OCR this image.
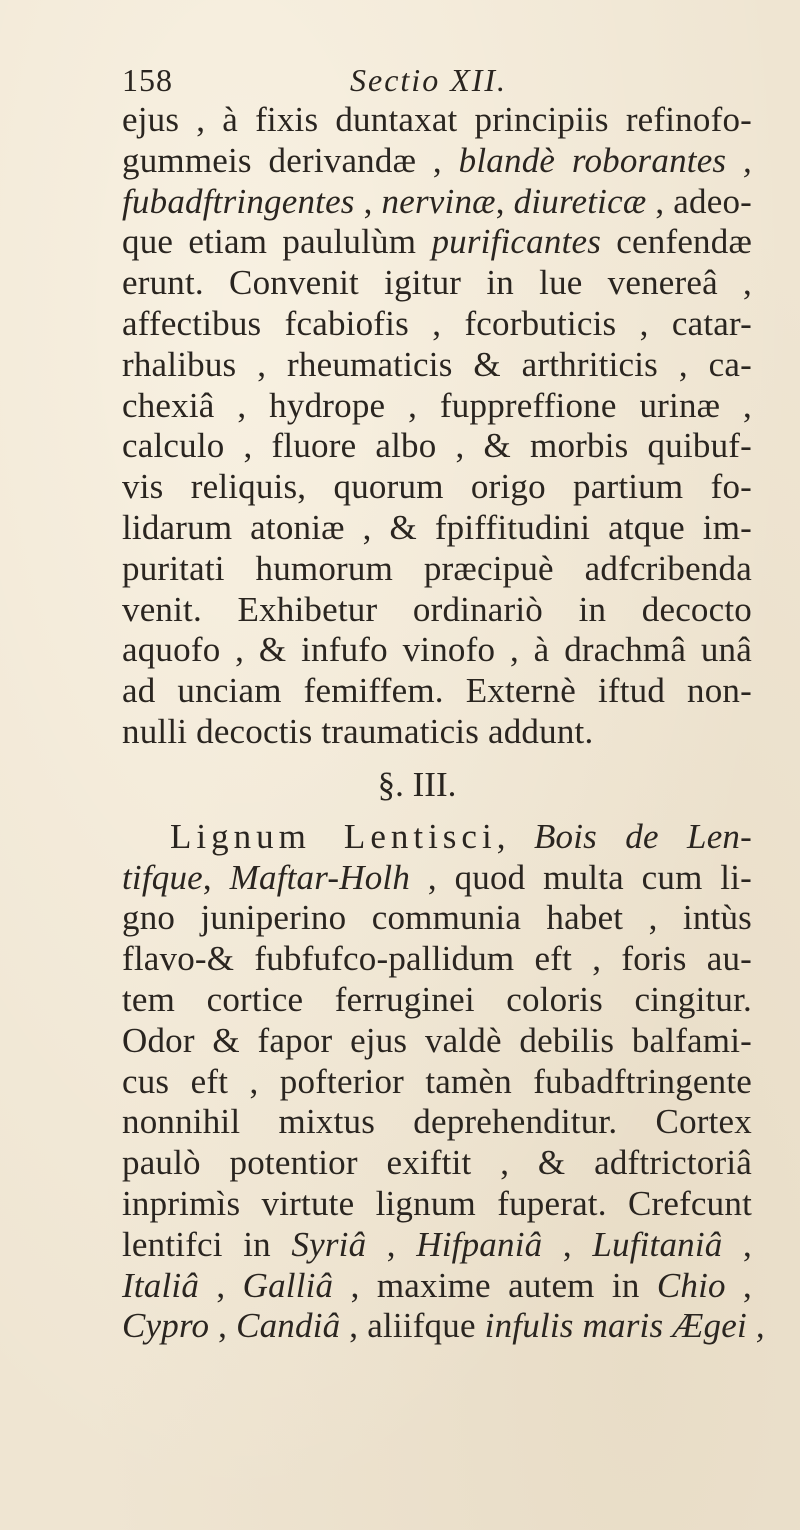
158	Sectio XII.
ejus , à fixis duntaxat principiis refinofo-
gummeis derivandæ , blandè roborantes ,
fubadftringentes , nervinæ, diureticæ , adeo-
que etiam paululùm purificantes cenfendæ
erunt. Convenit igitur in lue venereâ ,
affectibus fcabiofis , fcorbuticis , catar-
rhalibus , rheumaticis & arthriticis , ca-
chexiâ , hydrope , fuppreffione urinæ ,
calculo , fluore albo , & morbis quibuf-
vis reliquis, quorum origo partium fo-
lidarum atoniæ , & fpiffitudini atque im-
puritati humorum præcipuè adfcribenda
venit. Exhibetur ordinariò in decocto
aquofo , & infufo vinofo , à drachmâ unâ
ad unciam femiffem. Externè iftud non-
nulli decoctis traumaticis addunt.
§. III.
Lignum Lentisci, Bois de Len-
tifque, Maftar-Holh , quod multa cum li-
gno juniperino communia habet , intùs
flavo-& fubfufco-pallidum eft , foris au-
tem cortice ferruginei coloris cingitur.
Odor & fapor ejus valdè debilis balfami-
cus eft , pofterior tamèn fubadftringente
nonnihil mixtus deprehenditur. Cortex
paulò potentior exiftit , & adftrictoriâ
inprimìs virtute lignum fuperat. Crefcunt
lentifci in Syriâ , Hifpaniâ , Lufitaniâ ,
Italiâ , Galliâ , maxime autem in Chio ,
Cypro , Candiâ , aliifque infulis maris Ægei ,
